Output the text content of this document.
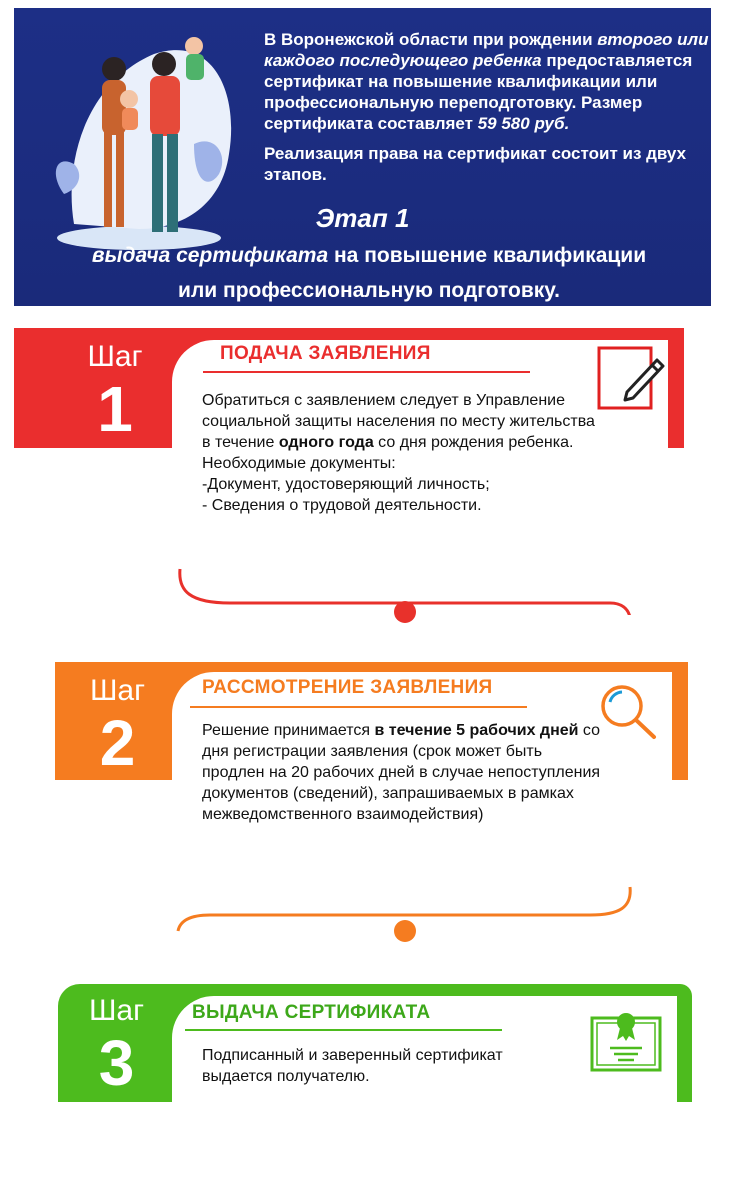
В Воронежской области при рождении второго или каждого последующего ребенка предоставляется сертификат на повышение квалификации или профессиональную переподготовку. Размер сертификата составляет 59 580 руб.

Реализация права на сертификат состоит из двух этапов.

Этап 1
выдача сертификата на повышение квалификации
или профессиональную подготовку.
Шаг
1
ПОДАЧА ЗАЯВЛЕНИЯ
Обратиться с заявлением следует в Управление социальной защиты населения по месту жительства в течение одного года со дня рождения ребенка.
Необходимые документы:
-Документ, удостоверяющий личность;
- Сведения о трудовой деятельности.
Шаг
2
РАССМОТРЕНИЕ ЗАЯВЛЕНИЯ
Решение принимается в течение 5 рабочих дней со дня регистрации заявления (срок может быть продлен на 20 рабочих дней в случае непоступления документов (сведений), запрашиваемых в рамках межведомственного взаимодействия)
Шаг
3
ВЫДАЧА СЕРТИФИКАТА
Подписанный и заверенный сертификат выдается получателю.
